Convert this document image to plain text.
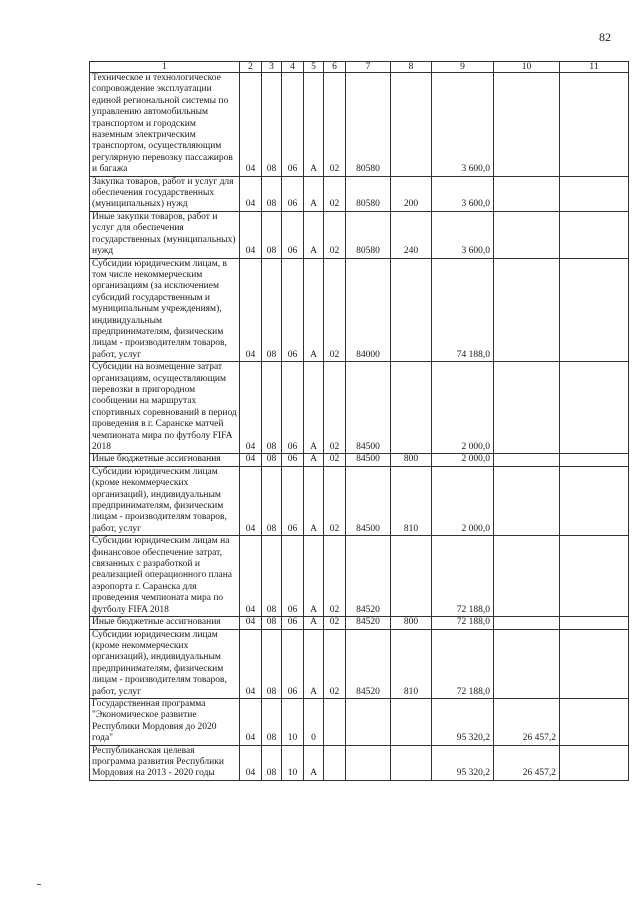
82
1	2	3	4	5	6	7	8	9	10	11
Техническое и технологическое сопровождение эксплуатации единой региональной системы по управлению автомобильным транспортом и городским наземным электрическим транспортом, осуществляющим регулярную перевозку пассажиров и багажа	04	08	06	А	02	80580		3 600,0		
Закупка товаров, работ и услуг для обеспечения государственных (муниципальных) нужд	04	08	06	А	02	80580	200	3 600,0		
Иные закупки товаров, работ и услуг для обеспечения государственных (муниципальных) нужд	04	08	06	А	02	80580	240	3 600,0		
Субсидии юридическим лицам, в том числе некоммерческим организациям (за исключением субсидий государственным и муниципальным учреждениям), индивидуальным предпринимателям, физическим лицам - производителям товаров, работ, услуг	04	08	06	А	02	84000		74 188,0		
Субсидии на возмещение затрат организациям, осуществляющим перевозки в пригородном сообщении на маршрутах спортивных соревнований в период проведения в г. Саранске матчей чемпионата мира по футболу FIFA 2018	04	08	06	А	02	84500		2 000,0		
Иные бюджетные ассигнования	04	08	06	А	02	84500	800	2 000,0		
Субсидии юридическим лицам (кроме некоммерческих организаций), индивидуальным предпринимателям, физическим лицам - производителям товаров, работ, услуг	04	08	06	А	02	84500	810	2 000,0		
Субсидии юридическим лицам на финансовое обеспечение затрат, связанных с разработкой и реализацией операционного плана аэропорта г. Саранска для проведения чемпионата мира по футболу FIFA 2018	04	08	06	А	02	84520		72 188,0		
Иные бюджетные ассигнования	04	08	06	А	02	84520	800	72 188,0		
Субсидии юридическим лицам (кроме некоммерческих организаций), индивидуальным предпринимателям, физическим лицам - производителям товаров, работ, услуг	04	08	06	А	02	84520	810	72 188,0		
Государственная программа "Экономическое развитие Республики Мордовия до 2020 года"	04	08	10	0				95 320,2	26 457,2	
Республиканская целевая программа развития Республики Мордовия на 2013 - 2020 годы	04	08	10	А				95 320,2	26 457,2	
